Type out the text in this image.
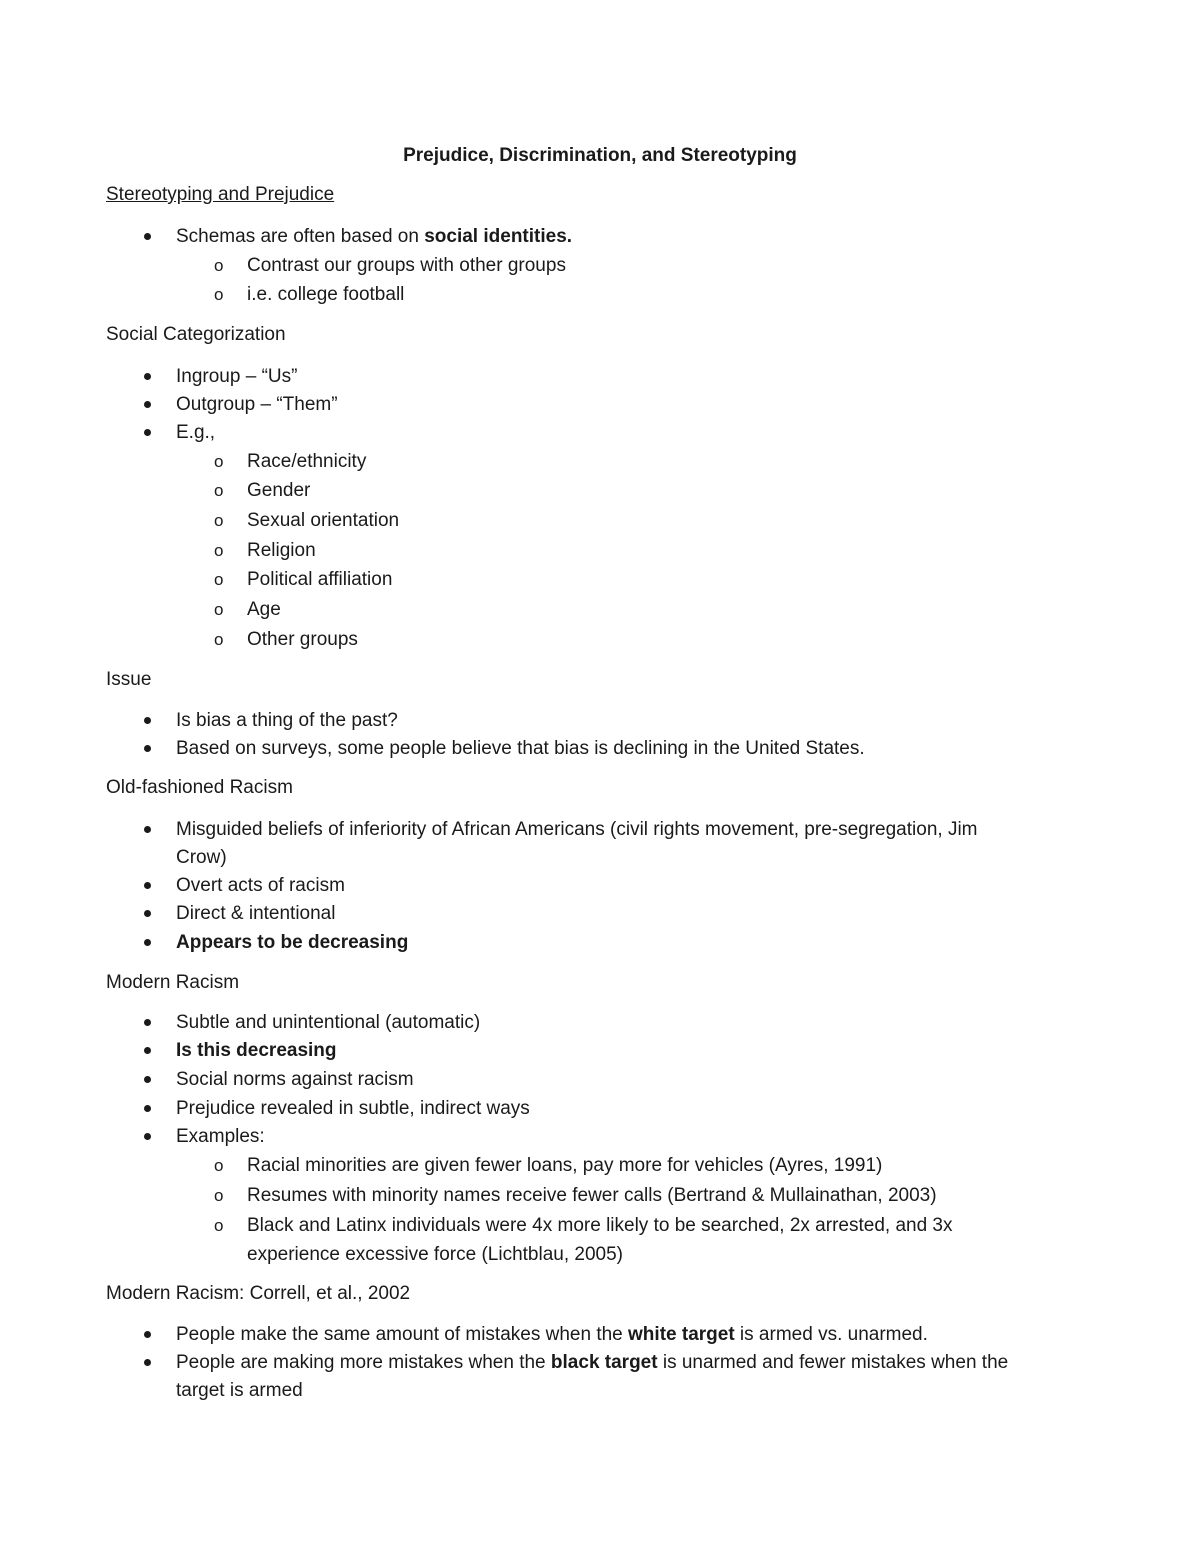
Prejudice, Discrimination, and Stereotyping
Stereotyping and Prejudice
Schemas are often based on social identities.
Contrast our groups with other groups
i.e. college football
Social Categorization
Ingroup – “Us”
Outgroup – “Them”
E.g.,
Race/ethnicity
Gender
Sexual orientation
Religion
Political affiliation
Age
Other groups
Issue
Is bias a thing of the past?
Based on surveys, some people believe that bias is declining in the United States.
Old-fashioned Racism
Misguided beliefs of inferiority of African Americans (civil rights movement, pre-segregation, Jim
Crow)
Overt acts of racism
Direct & intentional
Appears to be decreasing
Modern Racism
Subtle and unintentional (automatic)
Is this decreasing
Social norms against racism
Prejudice revealed in subtle, indirect ways
Examples:
Racial minorities are given fewer loans, pay more for vehicles (Ayres, 1991)
Resumes with minority names receive fewer calls (Bertrand & Mullainathan, 2003)
Black and Latinx individuals were 4x more likely to be searched, 2x arrested, and 3x
experience excessive force (Lichtblau, 2005)
Modern Racism: Correll, et al., 2002
People make the same amount of mistakes when the white target is armed vs. unarmed.
People are making more mistakes when the black target is unarmed and fewer mistakes when the
target is armed
